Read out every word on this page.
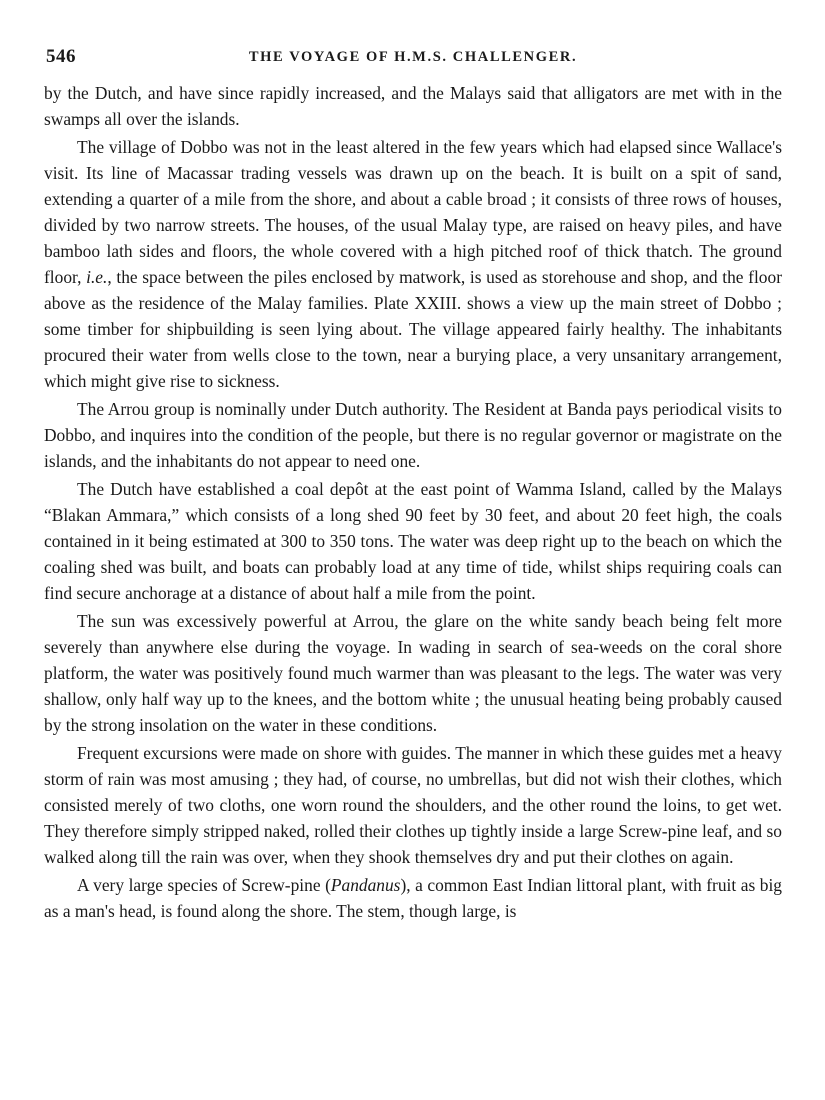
546	THE VOYAGE OF H.M.S. CHALLENGER.

by the Dutch, and have since rapidly increased, and the Malays said that alligators are met with in the swamps all over the islands.

The village of Dobbo was not in the least altered in the few years which had elapsed since Wallace's visit. Its line of Macassar trading vessels was drawn up on the beach. It is built on a spit of sand, extending a quarter of a mile from the shore, and about a cable broad ; it consists of three rows of houses, divided by two narrow streets. The houses, of the usual Malay type, are raised on heavy piles, and have bamboo lath sides and floors, the whole covered with a high pitched roof of thick thatch. The ground floor, i.e., the space between the piles enclosed by matwork, is used as storehouse and shop, and the floor above as the residence of the Malay families. Plate XXIII. shows a view up the main street of Dobbo ; some timber for shipbuilding is seen lying about. The village appeared fairly healthy. The inhabitants procured their water from wells close to the town, near a burying place, a very unsanitary arrangement, which might give rise to sickness.

The Arrou group is nominally under Dutch authority. The Resident at Banda pays periodical visits to Dobbo, and inquires into the condition of the people, but there is no regular governor or magistrate on the islands, and the inhabitants do not appear to need one.

The Dutch have established a coal depôt at the east point of Wamma Island, called by the Malays “Blakan Ammara,” which consists of a long shed 90 feet by 30 feet, and about 20 feet high, the coals contained in it being estimated at 300 to 350 tons. The water was deep right up to the beach on which the coaling shed was built, and boats can probably load at any time of tide, whilst ships requiring coals can find secure anchorage at a distance of about half a mile from the point.

The sun was excessively powerful at Arrou, the glare on the white sandy beach being felt more severely than anywhere else during the voyage. In wading in search of sea-weeds on the coral shore platform, the water was positively found much warmer than was pleasant to the legs. The water was very shallow, only half way up to the knees, and the bottom white ; the unusual heating being probably caused by the strong insolation on the water in these conditions.

Frequent excursions were made on shore with guides. The manner in which these guides met a heavy storm of rain was most amusing ; they had, of course, no umbrellas, but did not wish their clothes, which consisted merely of two cloths, one worn round the shoulders, and the other round the loins, to get wet. They therefore simply stripped naked, rolled their clothes up tightly inside a large Screw-pine leaf, and so walked along till the rain was over, when they shook themselves dry and put their clothes on again.

A very large species of Screw-pine (Pandanus), a common East Indian littoral plant, with fruit as big as a man's head, is found along the shore. The stem, though large, is
